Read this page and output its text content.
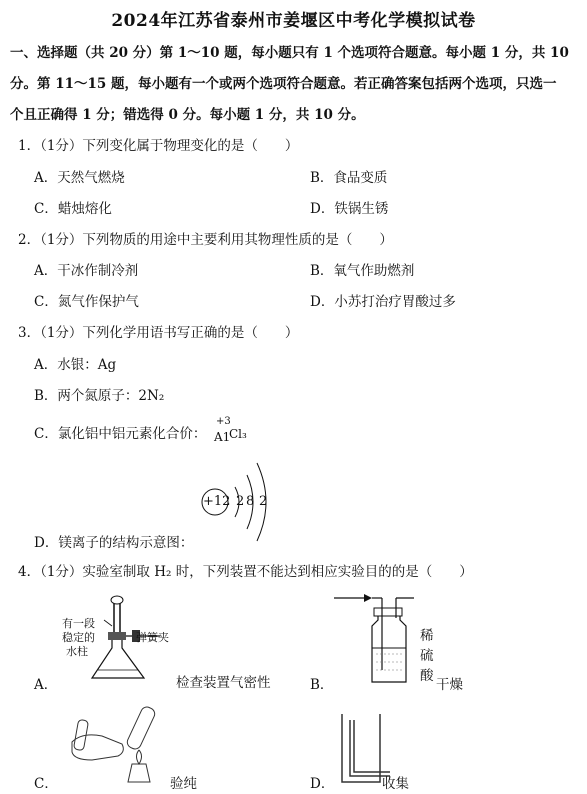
2024年江苏省泰州市姜堰区中考化学模拟试卷
一、选择题（共 20 分）第 1～10 题，每小题只有 1 个选项符合题意。每小题 1 分，共 10
分。第 11～15 题，每小题有一个或两个选项符合题意。若正确答案包括两个选项，只选一
个且正确得 1 分；错选得 0 分。每小题 1 分，共 10 分。
1．（1分）下列变化属于物理变化的是（　　）
A．天然气燃烧	B．食品变质
C．蜡烛熔化	D．铁锅生锈
2．（1分）下列物质的用途中主要利用其物理性质的是（　　）
A．干冰作制冷剂	B．氧气作助燃剂
C．氮气作保护气	D．小苏打治疗胃酸过多
3．（1分）下列化学用语书写正确的是（　　）
A．水银：Ag
B．两个氮原子：2N₂
C．氯化铝中铝元素化合价：
+3
A1
Cl₃
+12 2 8 2
D．镁离子的结构示意图：
4．（1分）实验室制取 H₂ 时，下列装置不能达到相应实验目的的是（　　）
有一段
稳定的
水柱
弹簧夹
A．	检查装置气密性
稀
硫
酸
B．	干燥
C．	验纯	D．	收集
